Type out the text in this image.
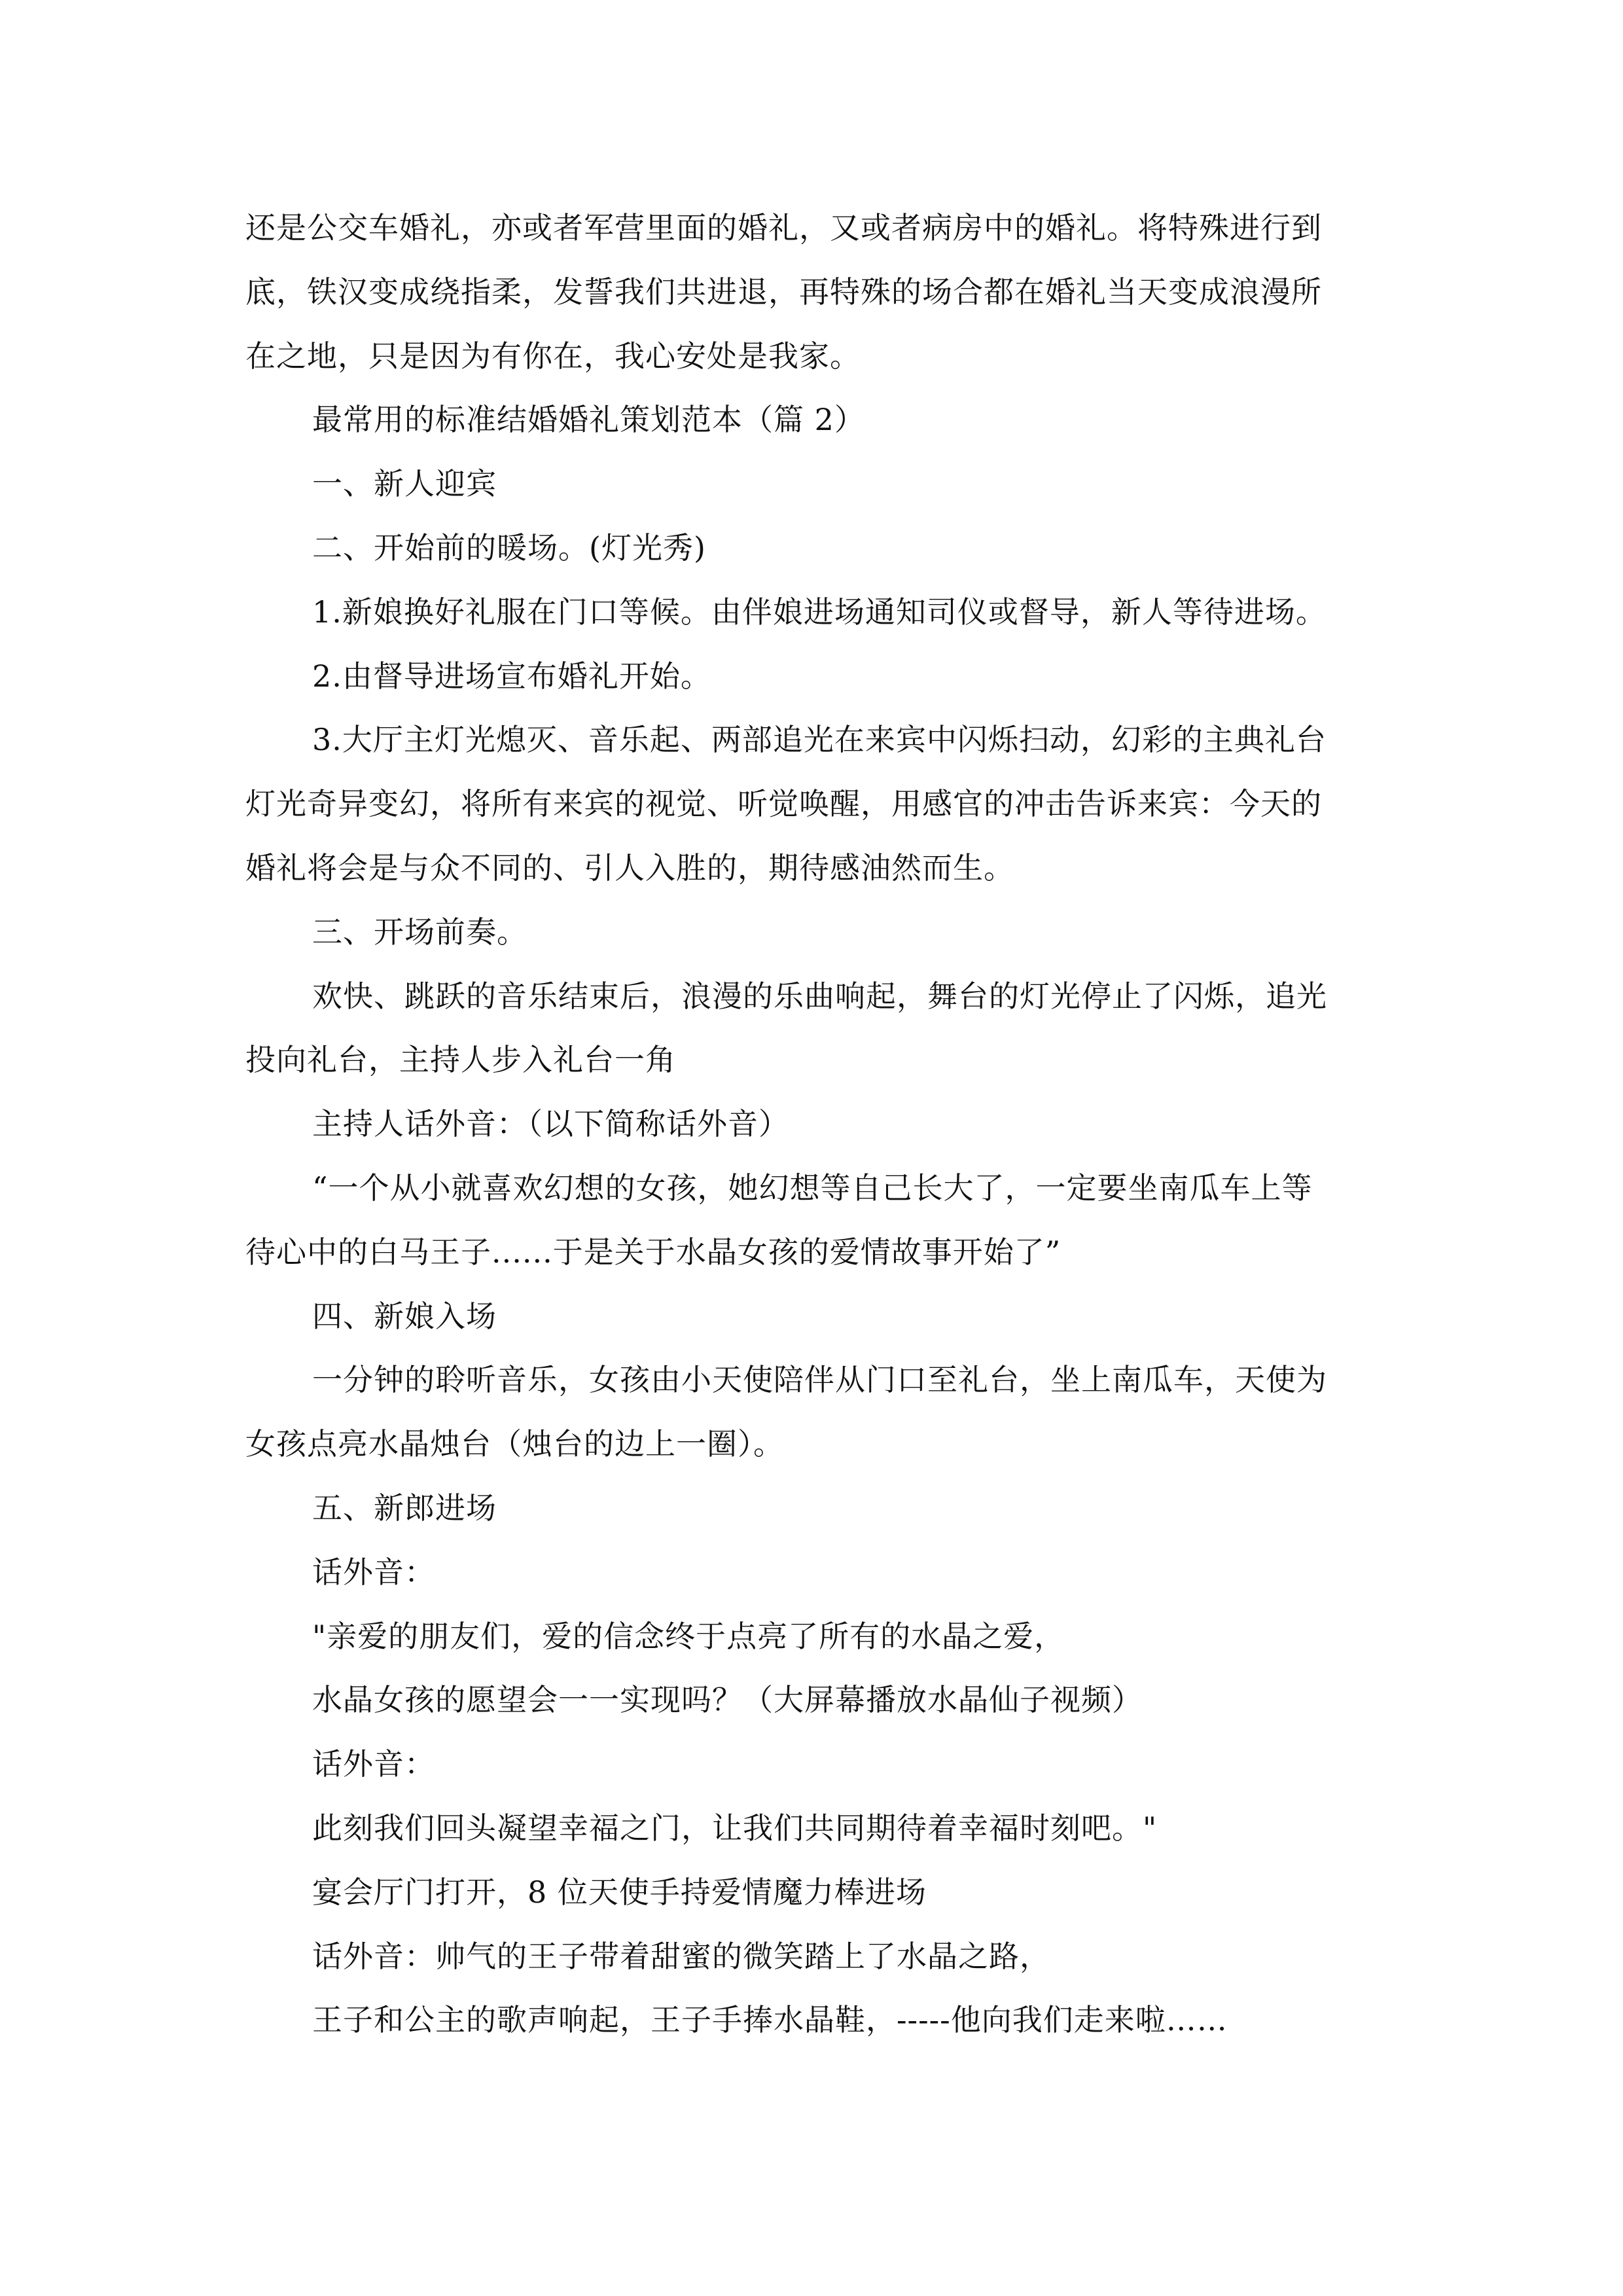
还是公交车婚礼，亦或者军营里面的婚礼，又或者病房中的婚礼。将特殊进行到
底，铁汉变成绕指柔，发誓我们共进退，再特殊的场合都在婚礼当天变成浪漫所
在之地，只是因为有你在，我心安处是我家。
最常用的标准结婚婚礼策划范本（篇 2）
一、新人迎宾
二、开始前的暖场。(灯光秀)
1.新娘换好礼服在门口等候。由伴娘进场通知司仪或督导，新人等待进场。
2.由督导进场宣布婚礼开始。
3.大厅主灯光熄灭、音乐起、两部追光在来宾中闪烁扫动，幻彩的主典礼台
灯光奇异变幻，将所有来宾的视觉、听觉唤醒，用感官的冲击告诉来宾：今天的
婚礼将会是与众不同的、引人入胜的，期待感油然而生。
三、开场前奏。
欢快、跳跃的音乐结束后，浪漫的乐曲响起，舞台的灯光停止了闪烁，追光
投向礼台，主持人步入礼台一角
主持人话外音：（以下简称话外音）
“一个从小就喜欢幻想的女孩，她幻想等自己长大了，一定要坐南瓜车上等
待心中的白马王子......于是关于水晶女孩的爱情故事开始了”
四、新娘入场
一分钟的聆听音乐，女孩由小天使陪伴从门口至礼台，坐上南瓜车，天使为
女孩点亮水晶烛台（烛台的边上一圈）。
五、新郎进场
话外音：
"亲爱的朋友们，爱的信念终于点亮了所有的水晶之爱，
水晶女孩的愿望会一一实现吗？（大屏幕播放水晶仙子视频）
话外音：
此刻我们回头凝望幸福之门，让我们共同期待着幸福时刻吧。"
宴会厅门打开，8 位天使手持爱情魔力棒进场
话外音：帅气的王子带着甜蜜的微笑踏上了水晶之路，
王子和公主的歌声响起，王子手捧水晶鞋，-----他向我们走来啦……
